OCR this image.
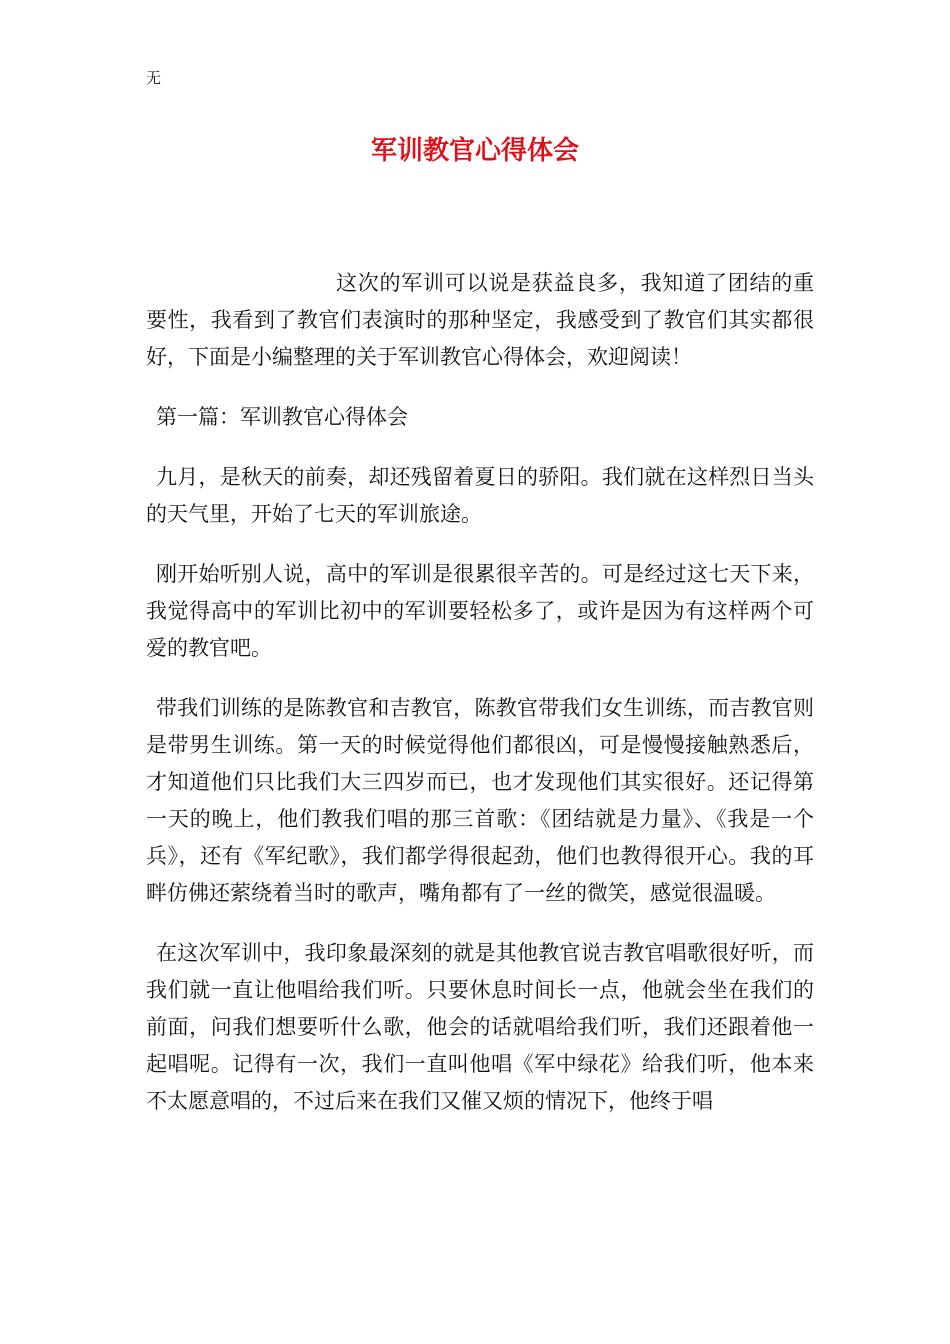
无

军训教官心得体会

这次的军训可以说是获益良多，我知道了团结的重要性，我看到了教官们表演时的那种坚定，我感受到了教官们其实都很好，下面是小编整理的关于军训教官心得体会，欢迎阅读！

第一篇：军训教官心得体会

九月，是秋天的前奏，却还残留着夏日的骄阳。我们就在这样烈日当头的天气里，开始了七天的军训旅途。

刚开始听别人说，高中的军训是很累很辛苦的。可是经过这七天下来，我觉得高中的军训比初中的军训要轻松多了，或许是因为有这样两个可爱的教官吧。

带我们训练的是陈教官和吉教官，陈教官带我们女生训练，而吉教官则是带男生训练。第一天的时候觉得他们都很凶，可是慢慢接触熟悉后，才知道他们只比我们大三四岁而已，也才发现他们其实很好。还记得第一天的晚上，他们教我们唱的那三首歌：《团结就是力量》、《我是一个兵》，还有《军纪歌》，我们都学得很起劲，他们也教得很开心。我的耳畔仿佛还萦绕着当时的歌声，嘴角都有了一丝的微笑，感觉很温暖。

在这次军训中，我印象最深刻的就是其他教官说吉教官唱歌很好听，而我们就一直让他唱给我们听。只要休息时间长一点，他就会坐在我们的前面，问我们想要听什么歌，他会的话就唱给我们听，我们还跟着他一起唱呢。记得有一次，我们一直叫他唱《军中绿花》给我们听，他本来不太愿意唱的，不过后来在我们又催又烦的情况下，他终于唱
